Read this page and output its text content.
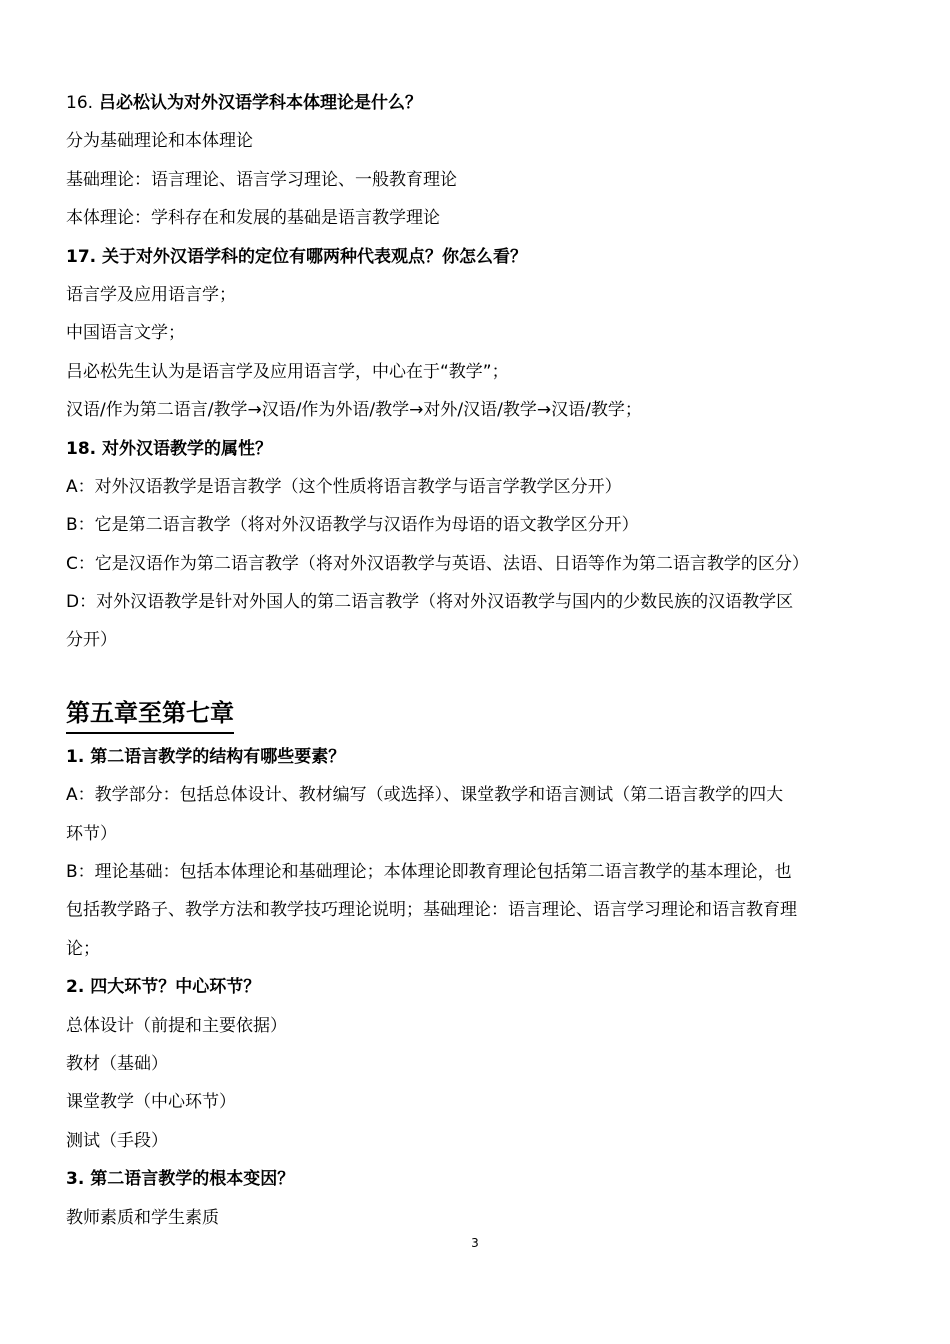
16. 吕必松认为对外汉语学科本体理论是什么？
分为基础理论和本体理论
基础理论：语言理论、语言学习理论、一般教育理论
本体理论：学科存在和发展的基础是语言教学理论
17. 关于对外汉语学科的定位有哪两种代表观点？你怎么看？
语言学及应用语言学；
中国语言文学；
吕必松先生认为是语言学及应用语言学，中心在于“教学”；
汉语/作为第二语言/教学→汉语/作为外语/教学→对外/汉语/教学→汉语/教学；
18. 对外汉语教学的属性？
A：对外汉语教学是语言教学（这个性质将语言教学与语言学教学区分开）
B：它是第二语言教学（将对外汉语教学与汉语作为母语的语文教学区分开）
C：它是汉语作为第二语言教学（将对外汉语教学与英语、法语、日语等作为第二语言教学的区分）
D：对外汉语教学是针对外国人的第二语言教学（将对外汉语教学与国内的少数民族的汉语教学区
分开）
第五章至第七章
1. 第二语言教学的结构有哪些要素？
A：教学部分：包括总体设计、教材编写（或选择）、课堂教学和语言测试（第二语言教学的四大
环节）
B：理论基础：包括本体理论和基础理论；本体理论即教育理论包括第二语言教学的基本理论，也
包括教学路子、教学方法和教学技巧理论说明；基础理论：语言理论、语言学习理论和语言教育理
论；
2. 四大环节？中心环节？
总体设计（前提和主要依据）
教材（基础）
课堂教学（中心环节）
测试（手段）
3. 第二语言教学的根本变因？
教师素质和学生素质
3
